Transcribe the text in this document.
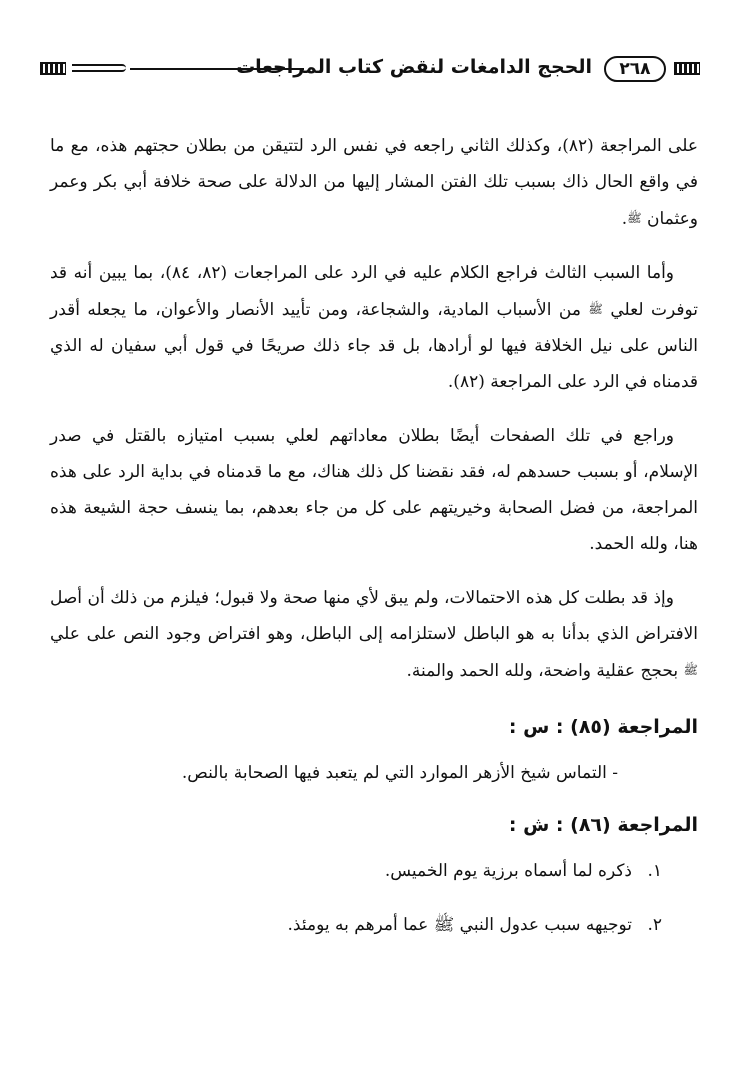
٢٦٨
الحجج الدامغات لنقض كتاب المراجعات

على المراجعة (٨٢)، وكذلك الثاني راجعه في نفس الرد لتتيقن من بطلان حجتهم هذه، مع ما في واقع الحال ذاك بسبب تلك الفتن المشار إليها من الدلالة على صحة خلافة أبي بكر وعمر وعثمان ﷺ.

وأما السبب الثالث فراجع الكلام عليه في الرد على المراجعات (٨٢، ٨٤)، بما يبين أنه قد توفرت لعلي ﷺ من الأسباب المادية، والشجاعة، ومن تأييد الأنصار والأعوان، ما يجعله أقدر الناس على نيل الخلافة فيها لو أرادها، بل قد جاء ذلك صريحًا في قول أبي سفيان له الذي قدمناه في الرد على المراجعة (٨٢).

وراجع في تلك الصفحات أيضًا بطلان معاداتهم لعلي بسبب امتيازه بالقتل في صدر الإسلام، أو بسبب حسدهم له، فقد نقضنا كل ذلك هناك، مع ما قدمناه في بداية الرد على هذه المراجعة، من فضل الصحابة وخيريتهم على كل من جاء بعدهم، بما ينسف حجة الشيعة هذه هنا، ولله الحمد.

وإذ قد بطلت كل هذه الاحتمالات، ولم يبق لأي منها صحة ولا قبول؛ فيلزم من ذلك أن أصل الافتراض الذي بدأنا به هو الباطل لاستلزامه إلى الباطل، وهو افتراض وجود النص على علي ﷺ بحجج عقلية واضحة، ولله الحمد والمنة.

المراجعة (٨٥) : س :
- التماس شيخ الأزهر الموارد التي لم يتعبد فيها الصحابة بالنص.
المراجعة (٨٦) : ش :
١.ذكره لما أسماه برزية يوم الخميس.
٢.توجيهه سبب عدول النبي ﷺ عما أمرهم به يومئذ.
